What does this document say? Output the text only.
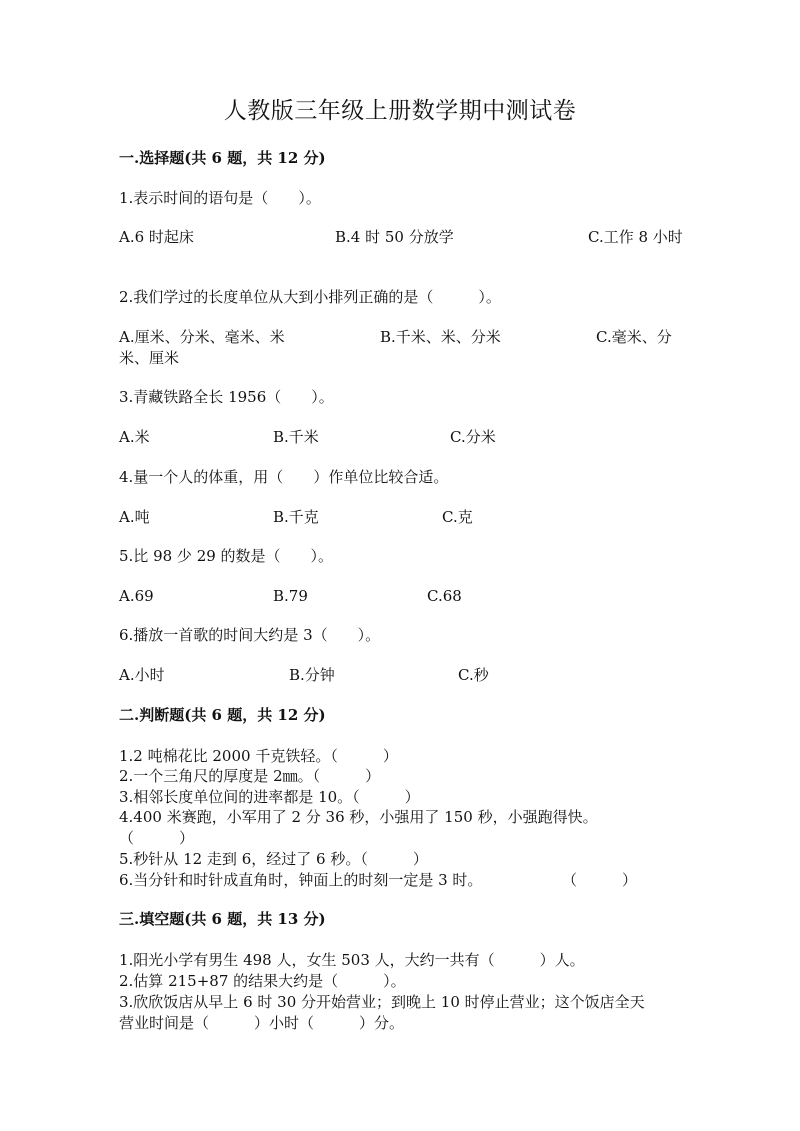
人教版三年级上册数学期中测试卷
一.选择题(共 6 题，共 12 分)
1.表示时间的语句是（　　）。
A.6 时起床	B.4 时 50 分放学	C.工作 8 小时
2.我们学过的长度单位从大到小排列正确的是（　　　）。
A.厘米、分米、毫米、米	B.千米、米、分米	C.毫米、分米、厘米
3.青藏铁路全长 1956（　　）。
A.米	B.千米	C.分米
4.量一个人的体重，用（　　）作单位比较合适。
A.吨	B.千克	C.克
5.比 98 少 29 的数是（　　）。
A.69	B.79	C.68
6.播放一首歌的时间大约是 3（　　）。
A.小时	B.分钟	C.秒
二.判断题(共 6 题，共 12 分)
1.2 吨棉花比 2000 千克铁轻。（　　　）
2.一个三角尺的厚度是 2㎜。（　　　）
3.相邻长度单位间的进率都是 10。（　　　）
4.400 米赛跑，小军用了 2 分 36 秒，小强用了 150 秒，小强跑得快。
（　　　）
5.秒针从 12 走到 6，经过了 6 秒。（　　　）
6.当分针和时针成直角时，钟面上的时刻一定是 3 时。	（　　　）
三.填空题(共 6 题，共 13 分)
1.阳光小学有男生 498 人，女生 503 人，大约一共有（　　　）人。
2.估算 215+87 的结果大约是（　　　）。
3.欣欣饭店从早上 6 时 30 分开始营业；到晚上 10 时停止营业；这个饭店全天
营业时间是（　　　）小时（　　　）分。
